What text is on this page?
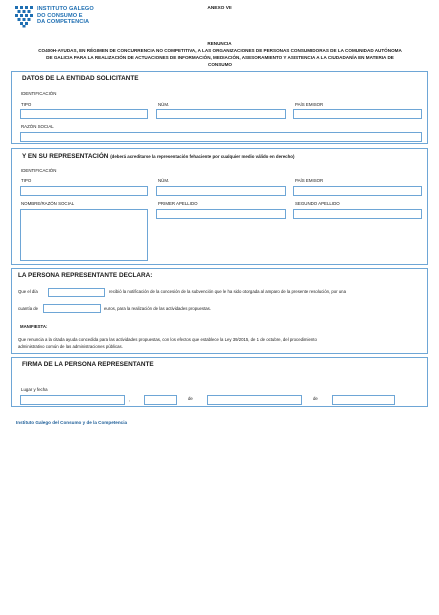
INSTITUTO GALEGO
DO CONSUMO E
DA COMPETENCIA
ANEXO VII
RENUNCIA
CO400H-AYUDAS, EN RÉGIMEN DE CONCURRENCIA NO COMPETITIVA, A LAS ORGANIZACIONES DE PERSONAS CONSUMIDORAS DE LA COMUNIDAD AUTÓNOMA
DE GALICIA PARA LA REALIZACIÓN DE ACTUACIONES DE INFORMACIÓN, MEDIACIÓN, ASESORAMIENTO Y ASISTENCIA A LA CIUDADANÍA EN MATERIA DE
CONSUMO
DATOS DE LA ENTIDAD SOLICITANTE
IDENTIFICACIÓN
TIPO	NÚM.	PAÍS EMISOR
RAZÓN SOCIAL
Y EN SU REPRESENTACIÓN (deberá acreditarse la representación fehaciente por cualquier medio válido en derecho)
IDENTIFICACIÓN
TIPO	NÚM.	PAÍS EMISOR
NOMBRE/RAZÓN SOCIAL	PRIMER APELLIDO	SEGUNDO APELLIDO
LA PERSONA REPRESENTANTE DECLARA:
Que el día	recibió la notificación de la concesión de la subvención que le ha sido otorgada al amparo de la presente resolución, por una
cuantía de	euros, para la realización de las actividades propuestas.
MANIFIESTA:
Que renuncia a la citada ayuda concedida para las actividades propuestas, con los efectos que establece la Ley 39/2015, de 1 de octubre, del procedimiento
administrativo común de las administraciones públicas.
FIRMA DE LA PERSONA REPRESENTANTE
Lugar y fecha
,	de	de
Instituto Galego del Consumo y de la Competencia
